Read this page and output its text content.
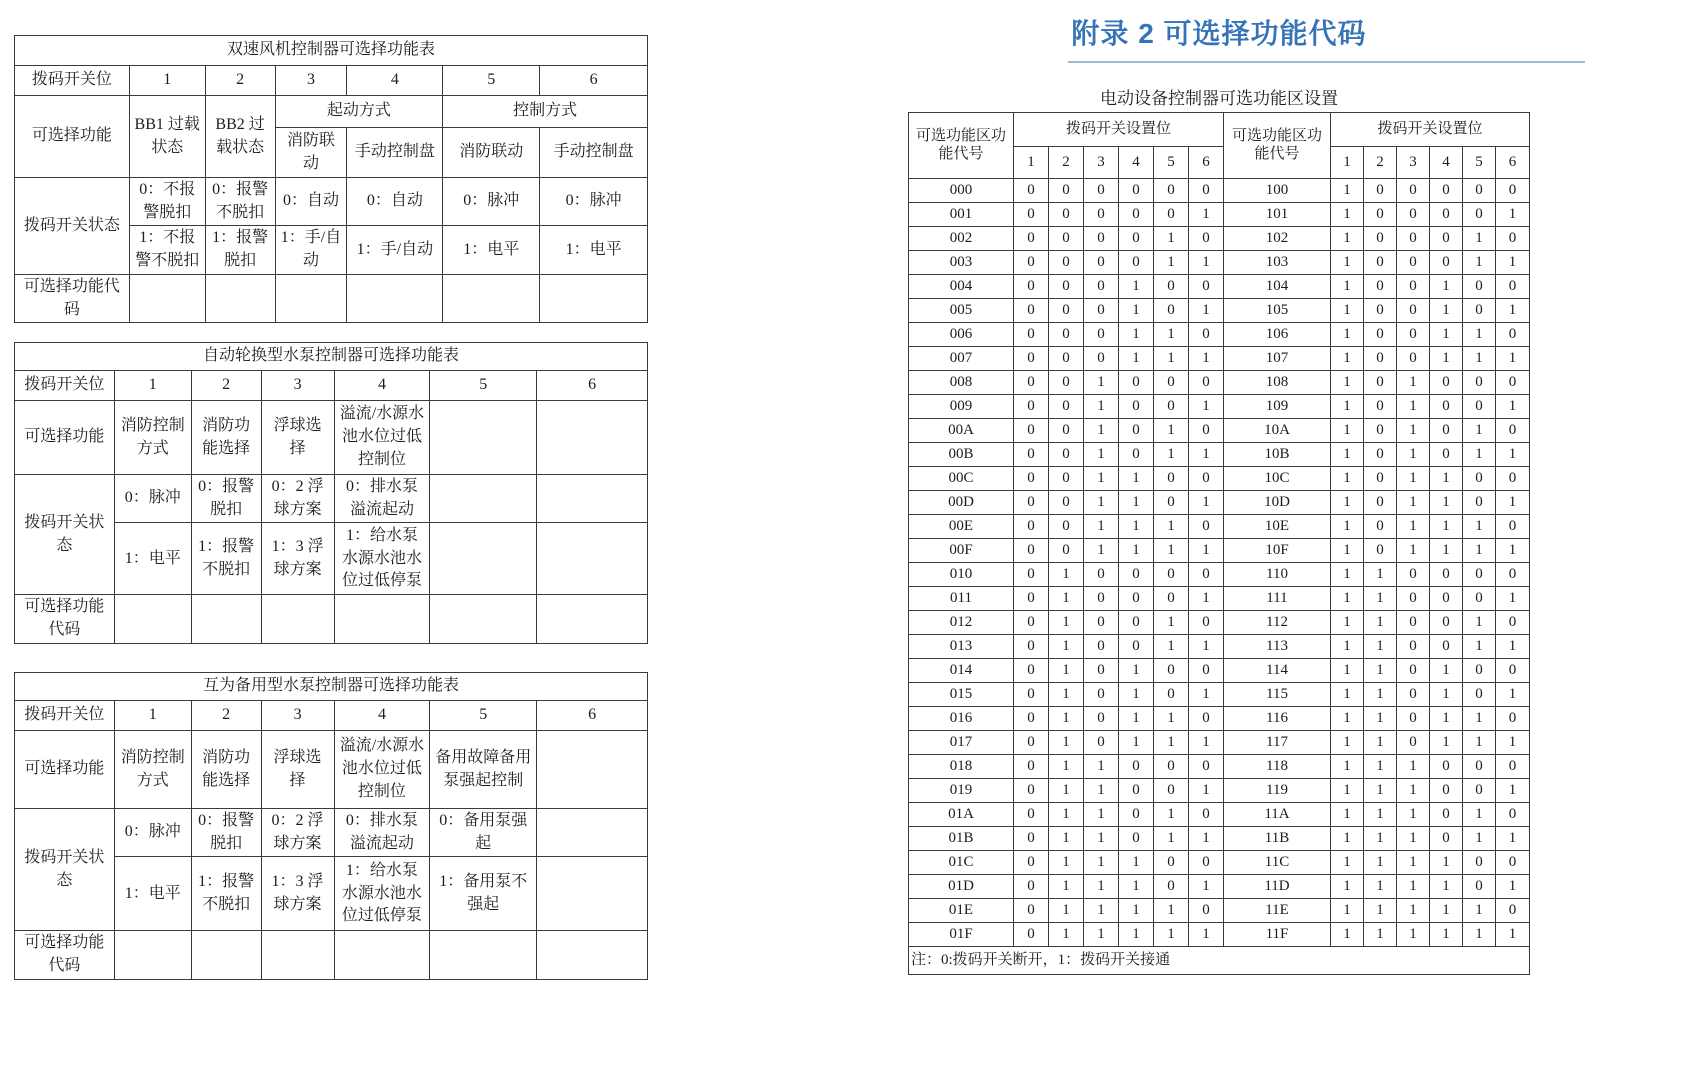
双速风机控制器可选择功能表						
拨码开关位	1	2	3	4	5	6
可选择功能	BB1 过载状态	BB2 过载状态	起动方式		控制方式	
			消防联动	手动控制盘	消防联动	手动控制盘
拨码开关状态	0：不报警脱扣	0：报警不脱扣	0：自动	0：自动	0：脉冲	0：脉冲
	1：不报警不脱扣	1：报警脱扣	1：手/自动	1：手/自动	1：电平	1：电平
可选择功能代码						
自动轮换型水泵控制器可选择功能表						
拨码开关位	1	2	3	4	5	6
可选择功能	消防控制方式	消防功能选择	浮球选择	溢流/水源水池水位过低控制位		
拨码开关状态	0：脉冲	0：报警脱扣	0：2 浮球方案	0：排水泵溢流起动		
	1：电平	1：报警不脱扣	1：3 浮球方案	1：给水泵水源水池水位过低停泵		
可选择功能代码						
互为备用型水泵控制器可选择功能表						
拨码开关位	1	2	3	4	5	6
可选择功能	消防控制方式	消防功能选择	浮球选择	溢流/水源水池水位过低控制位	备用故障备用泵强起控制	
拨码开关状态	0：脉冲	0：报警脱扣	0：2 浮球方案	0：排水泵溢流起动	0：备用泵强起	
	1：电平	1：报警不脱扣	1：3 浮球方案	1：给水泵水源水池水位过低停泵	1：备用泵不强起	
可选择功能代码						
附录 2 可选择功能代码
电动设备控制器可选功能区设置
可选功能区功能代号	拨码开关设置位						可选功能区功能代号	拨码开关设置位					
	1	2	3	4	5	6		1	2	3	4	5	6
000	0	0	0	0	0	0	100	1	0	0	0	0	0
001	0	0	0	0	0	1	101	1	0	0	0	0	1
002	0	0	0	0	1	0	102	1	0	0	0	1	0
003	0	0	0	0	1	1	103	1	0	0	0	1	1
004	0	0	0	1	0	0	104	1	0	0	1	0	0
005	0	0	0	1	0	1	105	1	0	0	1	0	1
006	0	0	0	1	1	0	106	1	0	0	1	1	0
007	0	0	0	1	1	1	107	1	0	0	1	1	1
008	0	0	1	0	0	0	108	1	0	1	0	0	0
009	0	0	1	0	0	1	109	1	0	1	0	0	1
00A	0	0	1	0	1	0	10A	1	0	1	0	1	0
00B	0	0	1	0	1	1	10B	1	0	1	0	1	1
00C	0	0	1	1	0	0	10C	1	0	1	1	0	0
00D	0	0	1	1	0	1	10D	1	0	1	1	0	1
00E	0	0	1	1	1	0	10E	1	0	1	1	1	0
00F	0	0	1	1	1	1	10F	1	0	1	1	1	1
010	0	1	0	0	0	0	110	1	1	0	0	0	0
011	0	1	0	0	0	1	111	1	1	0	0	0	1
012	0	1	0	0	1	0	112	1	1	0	0	1	0
013	0	1	0	0	1	1	113	1	1	0	0	1	1
014	0	1	0	1	0	0	114	1	1	0	1	0	0
015	0	1	0	1	0	1	115	1	1	0	1	0	1
016	0	1	0	1	1	0	116	1	1	0	1	1	0
017	0	1	0	1	1	1	117	1	1	0	1	1	1
018	0	1	1	0	0	0	118	1	1	1	0	0	0
019	0	1	1	0	0	1	119	1	1	1	0	0	1
01A	0	1	1	0	1	0	11A	1	1	1	0	1	0
01B	0	1	1	0	1	1	11B	1	1	1	0	1	1
01C	0	1	1	1	0	0	11C	1	1	1	1	0	0
01D	0	1	1	1	0	1	11D	1	1	1	1	0	1
01E	0	1	1	1	1	0	11E	1	1	1	1	1	0
01F	0	1	1	1	1	1	11F	1	1	1	1	1	1
注：0:拨码开关断开，1：拨码开关接通													
